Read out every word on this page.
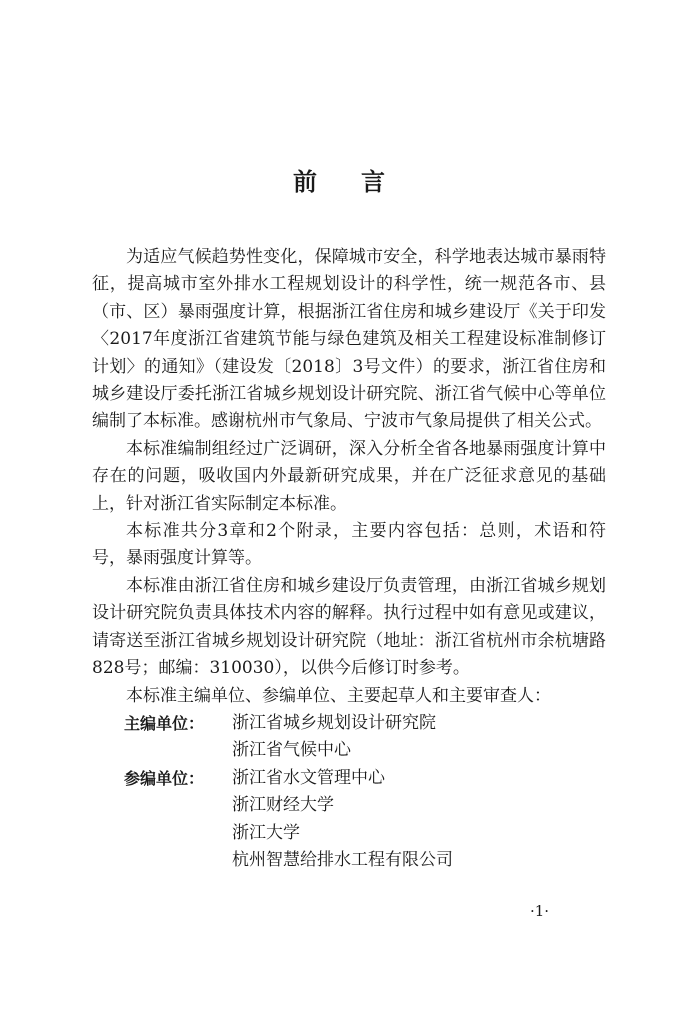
前言

为适应气候趋势性变化，保障城市安全，科学地表达城市暴雨特征，提高城市室外排水工程规划设计的科学性，统一规范各市、县（市、区）暴雨强度计算，根据浙江省住房和城乡建设厅《关于印发〈2017年度浙江省建筑节能与绿色建筑及相关工程建设标准制修订计划〉的通知》（建设发〔2018〕3号文件）的要求，浙江省住房和城乡建设厅委托浙江省城乡规划设计研究院、浙江省气候中心等单位编制了本标准。感谢杭州市气象局、宁波市气象局提供了相关公式。

本标准编制组经过广泛调研，深入分析全省各地暴雨强度计算中存在的问题，吸收国内外最新研究成果，并在广泛征求意见的基础上，针对浙江省实际制定本标准。

本标准共分3章和2个附录，主要内容包括：总则，术语和符号，暴雨强度计算等。

本标准由浙江省住房和城乡建设厅负责管理，由浙江省城乡规划设计研究院负责具体技术内容的解释。执行过程中如有意见或建议，请寄送至浙江省城乡规划设计研究院（地址：浙江省杭州市余杭塘路828号；邮编：310030），以供今后修订时参考。

本标准主编单位、参编单位、主要起草人和主要审查人：

主编单位： 浙江省城乡规划设计研究院
浙江省气候中心
参编单位： 浙江省水文管理中心
浙江财经大学
浙江大学
杭州智慧给排水工程有限公司
·1·
